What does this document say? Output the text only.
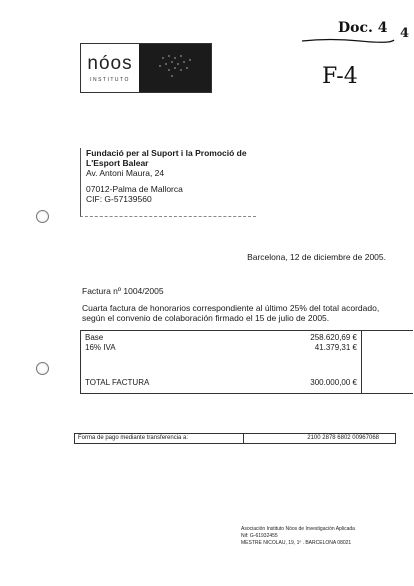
Doc. 4 4
F-4
nóos
INSTITUTO
Fundació per al Suport i la Promoció de
L'Esport Balear
Av. Antoni Maura, 24
07012-Palma de Mallorca
CIF: G-57139560
Barcelona, 12 de diciembre de 2005.
Factura nº 1004/2005
Cuarta factura de honorarios correspondiente al último 25% del total acordado, según el convenio de colaboración firmado el 15 de julio de 2005.
Base	258.620,69 €
16% IVA	41.379,31 €
TOTAL FACTURA	300.000,00 €
Forma de pago mediante transferencia a:	2100 2878 6802 00967068
Asociación Instituto Nóos de Investigación Aplicada
Nif: G-61932455
MESTRE NICOLAU, 19, 1º . BARCELONA 08021
